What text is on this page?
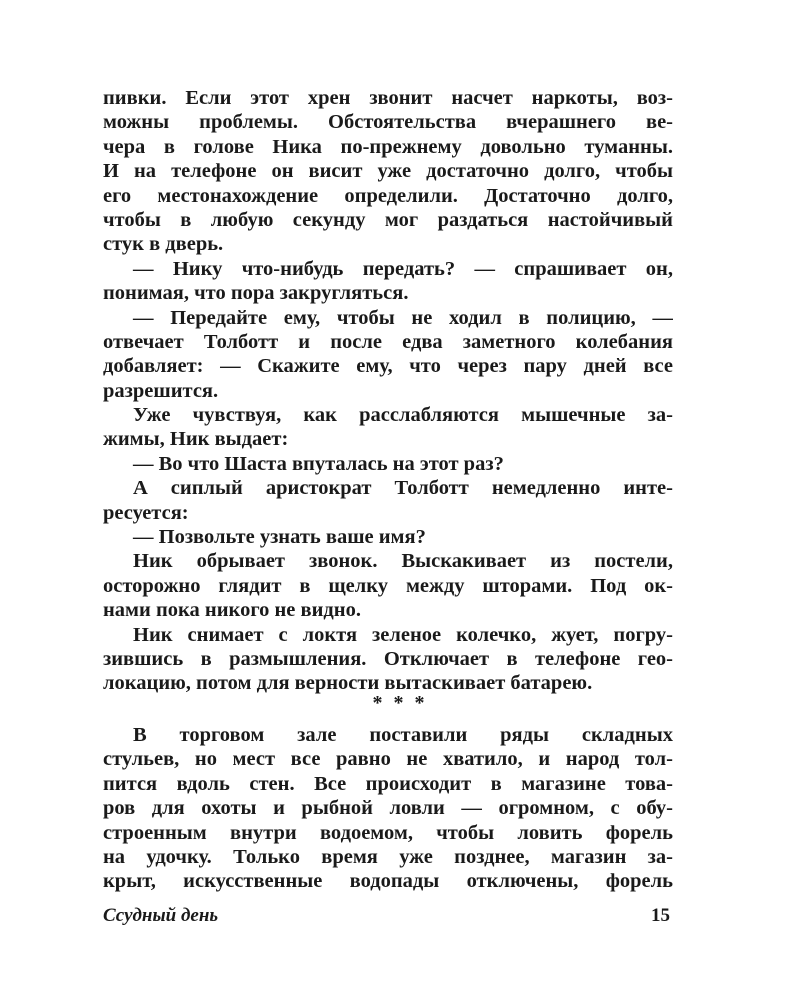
пивки. Если этот хрен звонит насчет наркоты, воз-
можны проблемы. Обстоятельства вчерашнего ве-
чера в голове Ника по-прежнему довольно туманны.
И на телефоне он висит уже достаточно долго, чтобы
его местонахождение определили. Достаточно долго,
чтобы в любую секунду мог раздаться настойчивый
стук в дверь.
— Нику что-нибудь передать? — спрашивает он,
понимая, что пора закругляться.
— Передайте ему, чтобы не ходил в полицию, —
отвечает Толботт и после едва заметного колебания
добавляет: — Скажите ему, что через пару дней все
разрешится.
Уже чувствуя, как расслабляются мышечные за-
жимы, Ник выдает:
— Во что Шаста впуталась на этот раз?
А сиплый аристократ Толботт немедленно инте-
ресуется:
— Позвольте узнать ваше имя?
Ник обрывает звонок. Выскакивает из постели,
осторожно глядит в щелку между шторами. Под ок-
нами пока никого не видно.
Ник снимает с локтя зеленое колечко, жует, погру-
зившись в размышления. Отключает в телефоне гео-
локацию, потом для верности вытаскивает батарею.
* * *
В торговом зале поставили ряды складных
стульев, но мест все равно не хватило, и народ тол-
пится вдоль стен. Все происходит в магазине това-
ров для охоты и рыбной ловли — огромном, с обу-
строенным внутри водоемом, чтобы ловить форель
на удочку. Только время уже позднее, магазин за-
крыт, искусственные водопады отключены, форель
Ссудный день	15
